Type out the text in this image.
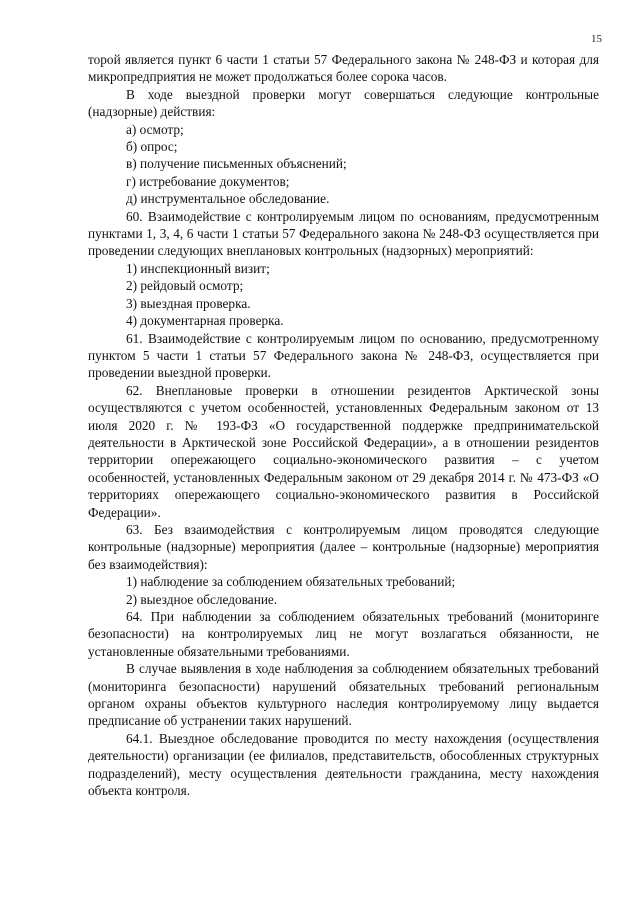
15

торой является пункт 6 части 1 статьи 57 Федерального закона № 248-ФЗ и которая для микропредприятия не может продолжаться более сорока часов.

В ходе выездной проверки могут совершаться следующие контрольные (надзорные) действия:

а) осмотр;

б) опрос;

в) получение письменных объяснений;

г) истребование документов;

д) инструментальное обследование.

60. Взаимодействие с контролируемым лицом по основаниям, предусмотренным пунктами 1, 3, 4, 6 части 1 статьи 57 Федерального закона № 248-ФЗ осуществляется при проведении следующих внеплановых контрольных (надзорных) мероприятий:

1) инспекционный визит;

2) рейдовый осмотр;

3) выездная проверка.

4) документарная проверка.

61. Взаимодействие с контролируемым лицом по основанию, предусмотренному пунктом 5 части 1 статьи 57 Федерального закона № 248-ФЗ, осуществляется при проведении выездной проверки.

62. Внеплановые проверки в отношении резидентов Арктической зоны осуществляются с учетом особенностей, установленных Федеральным законом от 13 июля 2020 г. № 193-ФЗ «О государственной поддержке предпринимательской деятельности в Арктической зоне Российской Федерации», а в отношении резидентов территории опережающего социально-экономического развития – с учетом особенностей, установленных Федеральным законом от 29 декабря 2014 г. № 473-ФЗ «О территориях опережающего социально-экономического развития в Российской Федерации».

63. Без взаимодействия с контролируемым лицом проводятся следующие контрольные (надзорные) мероприятия (далее – контрольные (надзорные) мероприятия без взаимодействия):

1) наблюдение за соблюдением обязательных требований;

2) выездное обследование.

64. При наблюдении за соблюдением обязательных требований (мониторинге безопасности) на контролируемых лиц не могут возлагаться обязанности, не установленные обязательными требованиями.

В случае выявления в ходе наблюдения за соблюдением обязательных требований (мониторинга безопасности) нарушений обязательных требований региональным органом охраны объектов культурного наследия контролируемому лицу выдается предписание об устранении таких нарушений.

64.1. Выездное обследование проводится по месту нахождения (осуществления деятельности) организации (ее филиалов, представительств, обособленных структурных подразделений), месту осуществления деятельности гражданина, месту нахождения объекта контроля.
